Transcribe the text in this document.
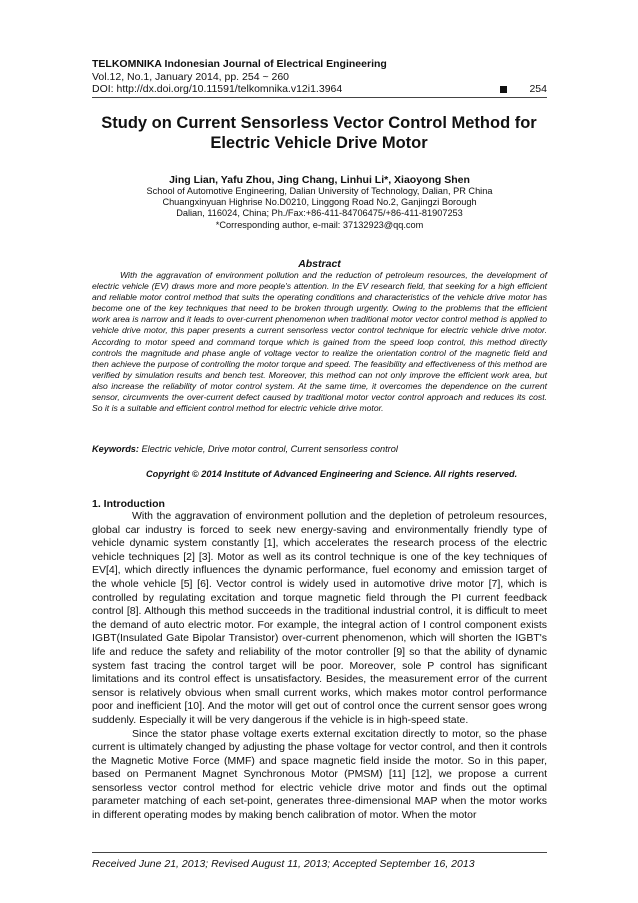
TELKOMNIKA Indonesian Journal of Electrical Engineering
Vol.12, No.1, January 2014, pp. 254 ~ 260
DOI: http://dx.doi.org/10.11591/telkomnika.v12i1.3964	254
Study on Current Sensorless Vector Control Method for Electric Vehicle Drive Motor
Jing Lian, Yafu Zhou, Jing Chang, Linhui Li*, Xiaoyong Shen
School of Automotive Engineering, Dalian University of Technology, Dalian, PR China
Chuangxinyuan Highrise No.D0210, Linggong Road No.2, Ganjingzi Borough
Dalian, 116024, China; Ph./Fax:+86-411-84706475/+86-411-81907253
*Corresponding author, e-mail: 37132923@qq.com
Abstract

With the aggravation of environment pollution and the reduction of petroleum resources, the development of electric vehicle (EV) draws more and more people's attention. In the EV research field, that seeking for a high efficient and reliable motor control method that suits the operating conditions and characteristics of the vehicle drive motor has become one of the key techniques that need to be broken through urgently. Owing to the problems that the efficient work area is narrow and it leads to over-current phenomenon when traditional motor vector control method is applied to vehicle drive motor, this paper presents a current sensorless vector control technique for electric vehicle drive motor. According to motor speed and command torque which is gained from the speed loop control, this method directly controls the magnitude and phase angle of voltage vector to realize the orientation control of the magnetic field and then achieve the purpose of controlling the motor torque and speed. The feasibility and effectiveness of this method are verified by simulation results and bench test. Moreover, this method can not only improve the efficient work area, but also increase the reliability of motor control system. At the same time, it overcomes the dependence on the current sensor, circumvents the over-current defect caused by traditional motor vector control approach and reduces its cost. So it is a suitable and efficient control method for electric vehicle drive motor.

Keywords: Electric vehicle, Drive motor control, Current sensorless control
Copyright © 2014 Institute of Advanced Engineering and Science. All rights reserved.
1. Introduction

With the aggravation of environment pollution and the depletion of petroleum resources, global car industry is forced to seek new energy-saving and environmentally friendly type of vehicle dynamic system constantly [1], which accelerates the research process of the electric vehicle techniques [2] [3]. Motor as well as its control technique is one of the key techniques of EV[4], which directly influences the dynamic performance, fuel economy and emission target of the whole vehicle [5] [6]. Vector control is widely used in automotive drive motor [7], which is controlled by regulating excitation and torque magnetic field through the PI current feedback control [8]. Although this method succeeds in the traditional industrial control, it is difficult to meet the demand of auto electric motor. For example, the integral action of I control component exists IGBT(Insulated Gate Bipolar Transistor) over-current phenomenon, which will shorten the IGBT's life and reduce the safety and reliability of the motor controller [9] so that the ability of dynamic system fast tracing the control target will be poor. Moreover, sole P control has significant limitations and its control effect is unsatisfactory. Besides, the measurement error of the current sensor is relatively obvious when small current works, which makes motor control performance poor and inefficient [10]. And the motor will get out of control once the current sensor goes wrong suddenly. Especially it will be very dangerous if the vehicle is in high-speed state.

Since the stator phase voltage exerts external excitation directly to motor, so the phase current is ultimately changed by adjusting the phase voltage for vector control, and then it controls the Magnetic Motive Force (MMF) and space magnetic field inside the motor. So in this paper, based on Permanent Magnet Synchronous Motor (PMSM) [11] [12], we propose a current sensorless vector control method for electric vehicle drive motor and finds out the optimal parameter matching of each set-point, generates three-dimensional MAP when the motor works in different operating modes by making bench calibration of motor. When the motor

Received June 21, 2013; Revised August 11, 2013; Accepted September 16, 2013
